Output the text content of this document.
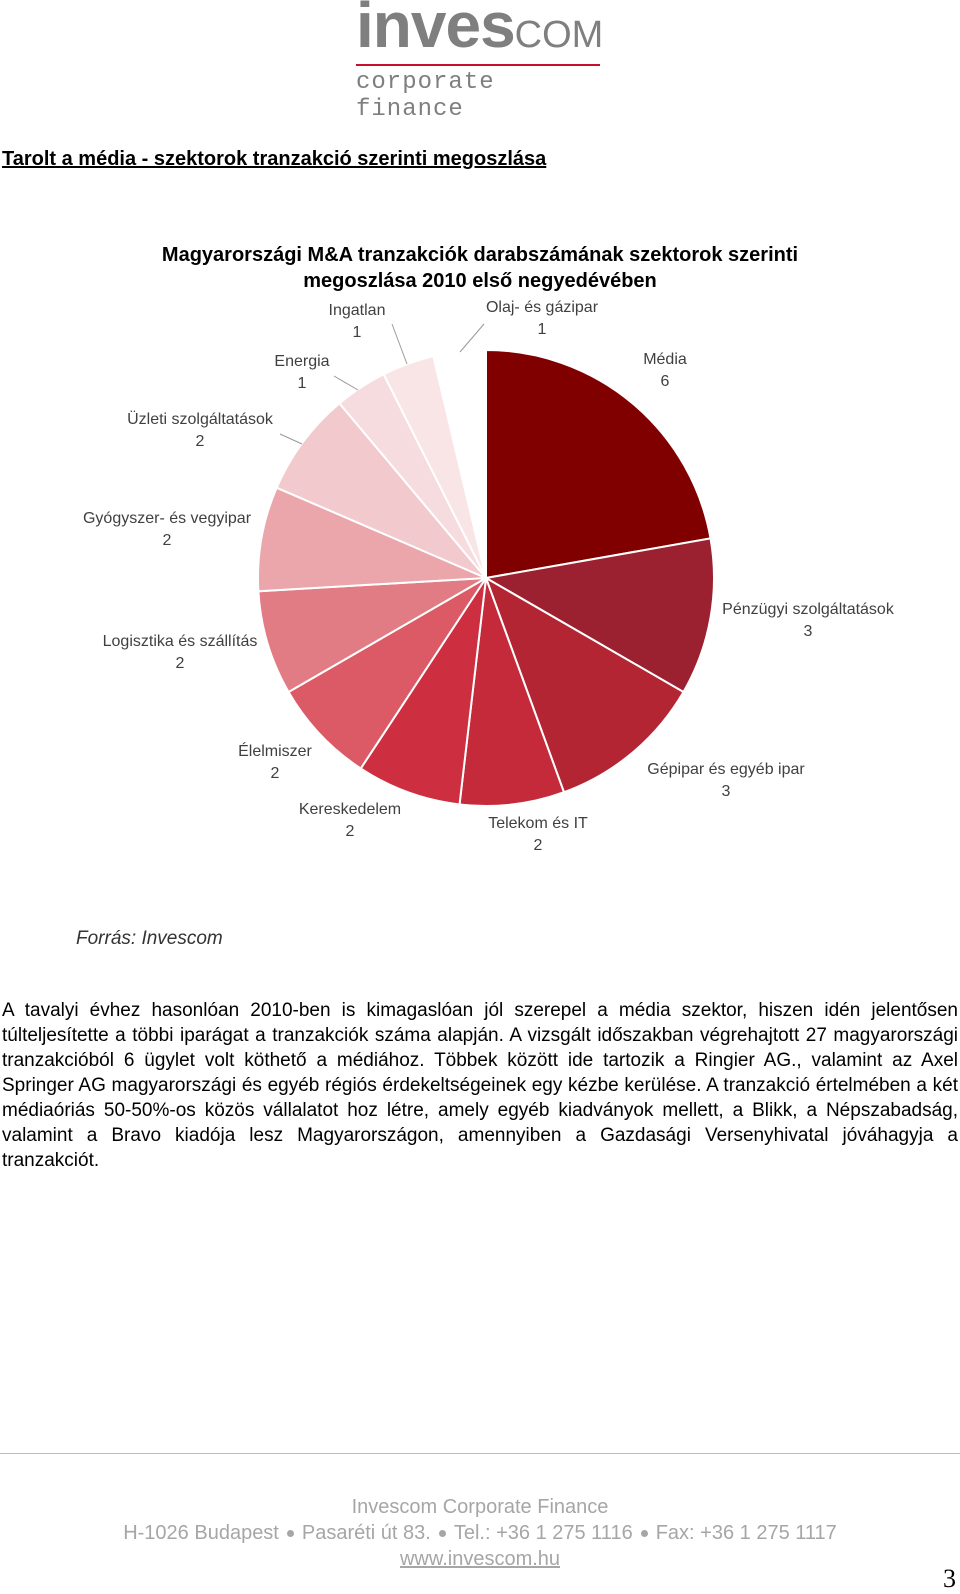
invesCOM
corporate finance
Tarolt a média - szektorok tranzakció szerinti megoszlása
Magyarországi M&A tranzakciók darabszámának szektorok szerinti megoszlása 2010 első negyedévében
Média 6
Pénzügyi szolgáltatások 3
Gépipar és egyéb ipar 3
Telekom és IT 2
Kereskedelem 2
Élelmiszer 2
Logisztika és szállítás 2
Gyógyszer- és vegyipar 2
Üzleti szolgáltatások 2
Energia 1
Ingatlan 1
Olaj- és gázipar 1
Forrás: Invescom
A tavalyi évhez hasonlóan 2010-ben is kimagaslóan jól szerepel a média szektor, hiszen idén jelentősen túlteljesítette a többi iparágat a tranzakciók száma alapján. A vizsgált időszakban végrehajtott 27 magyarországi tranzakcióból 6 ügylet volt köthető a médiához. Többek között ide tartozik a Ringier AG., valamint az Axel Springer AG magyarországi és egyéb régiós érdekeltségeinek egy kézbe kerülése. A tranzakció értelmében a két médiaóriás 50-50%-os közös vállalatot hoz létre, amely egyéb kiadványok mellett, a Blikk, a Népszabadság, valamint a Bravo kiadója lesz Magyarországon, amennyiben a Gazdasági Versenyhivatal jóváhagyja a tranzakciót.
Invescom Corporate Finance
H-1026 Budapest Pasaréti út 83. Tel.: +36 1 275 1116 Fax: +36 1 275 1117
www.invescom.hu
3
